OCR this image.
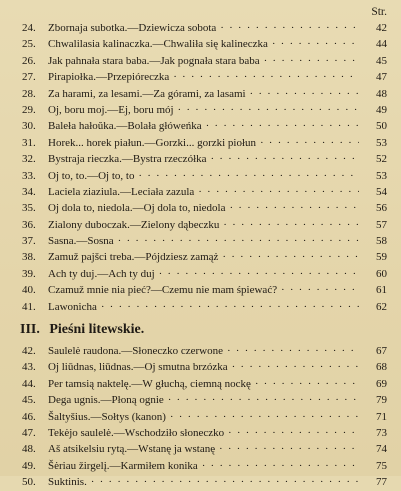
Str.
24.	Zbornaja subotka.—Dziewicza sobota · · ·	42
25.	Chwalilasia kalinaczka.—Chwaliła się kalineczka · · ·	44
26.	Jak pahnała stara baba.—Jak pognała stara baba · · ·	45
27.	Pirapiołka.—Przepiórеczka · · ·	47
28.	Za harami, za lesami.—Za górami, za lasami · · ·	48
29.	Oj, boru moj.—Ej, boru mój · · ·	49
30.	Baleła hałoŭka.—Bolała główeńka · · ·	50
31.	Horek... horek piałun.—Gorzki... gorzki piołun · · ·	53
32.	Bystraja rieczka.—Bystra rzeczółka · · ·	52
33.	Oj to, to.—Oj to, to · · ·	53
34.	Laciela ziaziula.—Leciała zazula · · ·	54
35.	Oj dola to, niedola.—Oj dola to, niedola · · ·	56
36.	Zialony duboczak.—Zielony dąbeczku · · ·	57
37.	Sasna.—Sosna · · ·	58
38.	Zamuž pajšci treba.—Pójdziesz zamąż · · ·	59
39.	Ach ty duj.—Ach ty duj · · ·	60
40.	Czamuž mnie nia pieć?—Czemu nie mam śpiewać? · · ·	61
41.	Lawonicha · · ·	62
III. Pieśni litewskie.
42.	Saulelė raudona.—Słoneczko czerwone · · ·	67
43.	Oj liūdnas, liūdnas.—Oj smutna brzózka · · ·	68
44.	Per tamsią naktelę.—W głuchą, ciemną nockę · · ·	69
45.	Dega ugnis.—Płoną ognie · · ·	79
46.	Šaltyšius.—Sołtys (kanon) · · ·	71
47.	Tekėjo saulelė.—Wschodziło słoneczko · · ·	73
48.	Aš atsikelsiu rytą.—Wstanę ja wstanę · · ·	74
49.	Šėriau žirgelį.—Karmiłem konika · · ·	75
50.	Suktinis. · · ·	77
